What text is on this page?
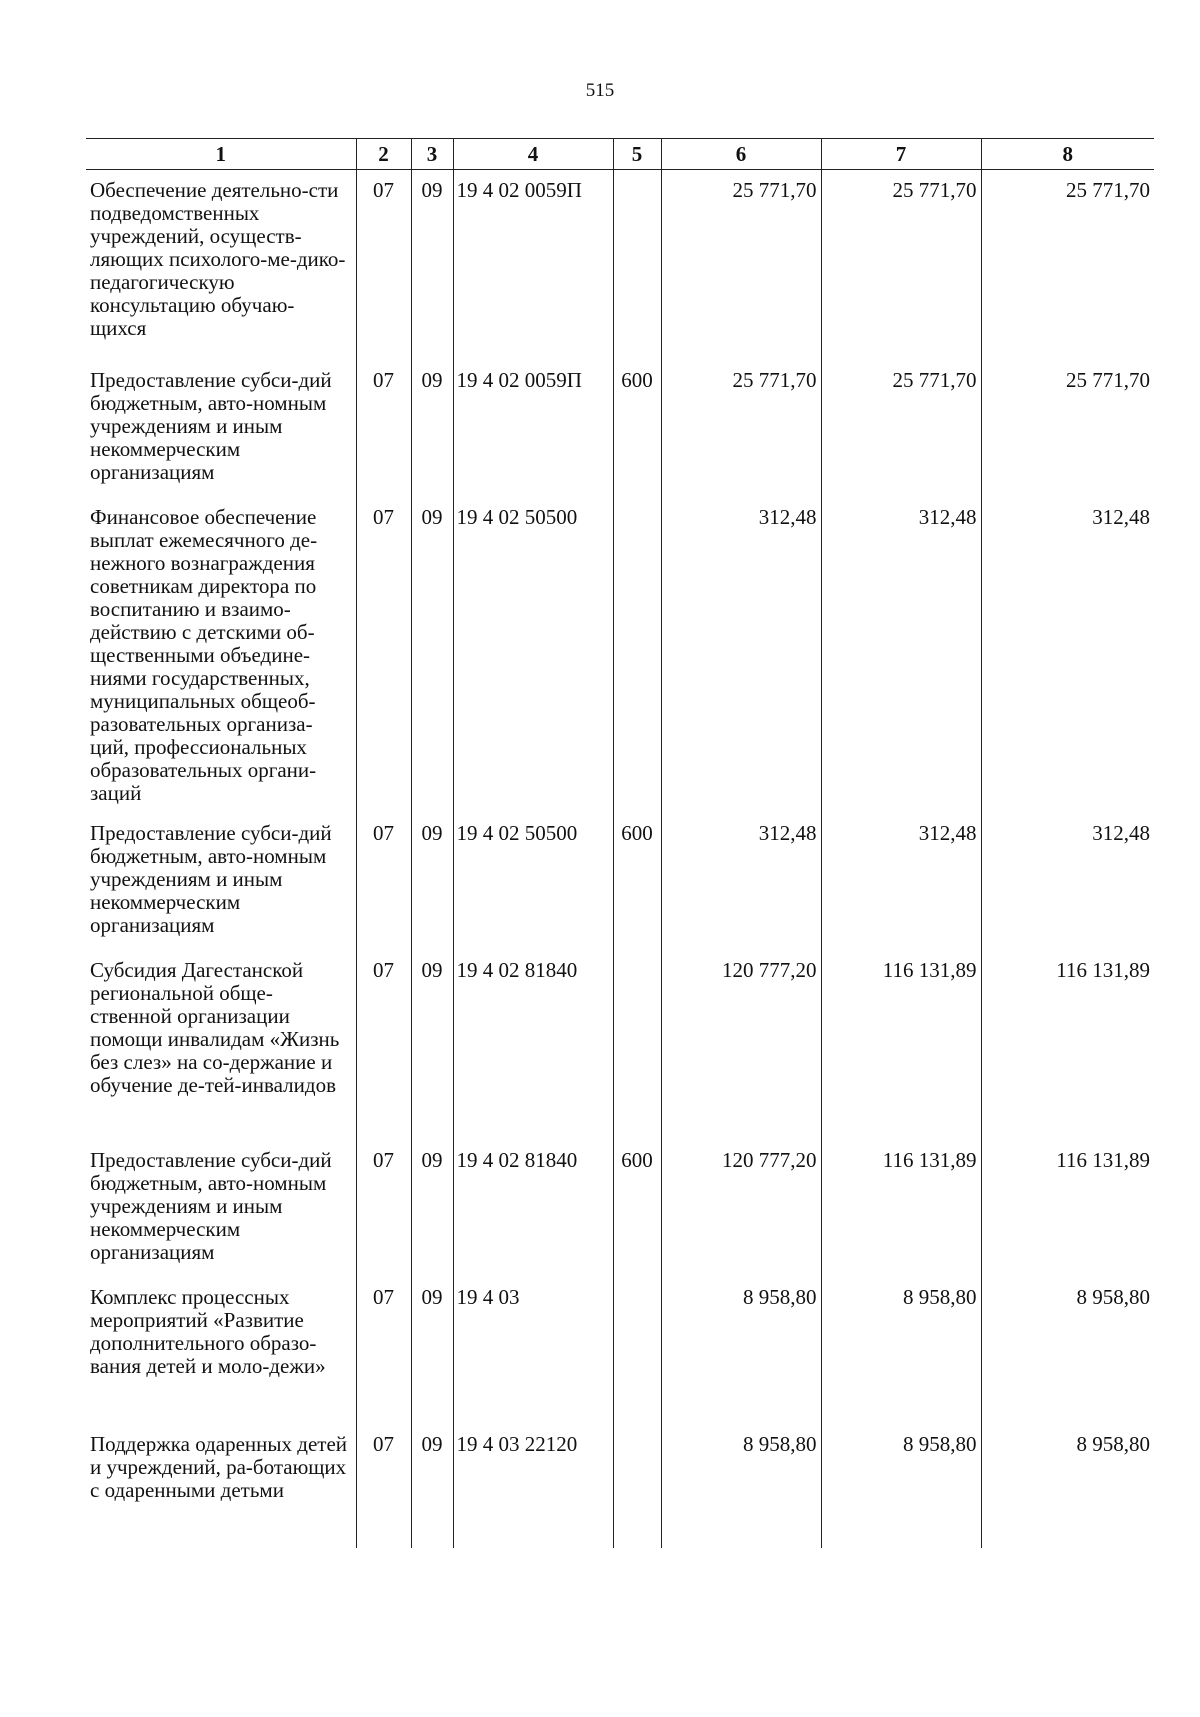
515
1	2	3	4	5	6	7	8
Обеспечение деятельно-сти подведомственных учреждений, осуществ-ляющих психолого-ме-дико-педагогическую консультацию обучаю-щихся	07	09	19 4 02 0059П		25 771,70	25 771,70	25 771,70
Предоставление субси-дий бюджетным, авто-номным учреждениям и иным некоммерческим организациям	07	09	19 4 02 0059П	600	25 771,70	25 771,70	25 771,70
Финансовое обеспечение выплат ежемесячного де-нежного вознаграждения советникам директора по воспитанию и взаимо-действию с детскими об-щественными объедине-ниями государственных, муниципальных общеоб-разовательных организа-ций, профессиональных образовательных органи-заций	07	09	19 4 02 50500		312,48	312,48	312,48
Предоставление субси-дий бюджетным, авто-номным учреждениям и иным некоммерческим организациям	07	09	19 4 02 50500	600	312,48	312,48	312,48
Субсидия Дагестанской региональной обще-ственной организации помощи инвалидам «Жизнь без слез» на со-держание и обучение де-тей-инвалидов	07	09	19 4 02 81840		120 777,20	116 131,89	116 131,89
Предоставление субси-дий бюджетным, авто-номным учреждениям и иным некоммерческим организациям	07	09	19 4 02 81840	600	120 777,20	116 131,89	116 131,89
Комплекс процессных мероприятий «Развитие дополнительного образо-вания детей и моло-дежи»	07	09	19 4 03		8 958,80	8 958,80	8 958,80
Поддержка одаренных детей и учреждений, ра-ботающих с одаренными детьми	07	09	19 4 03 22120		8 958,80	8 958,80	8 958,80
